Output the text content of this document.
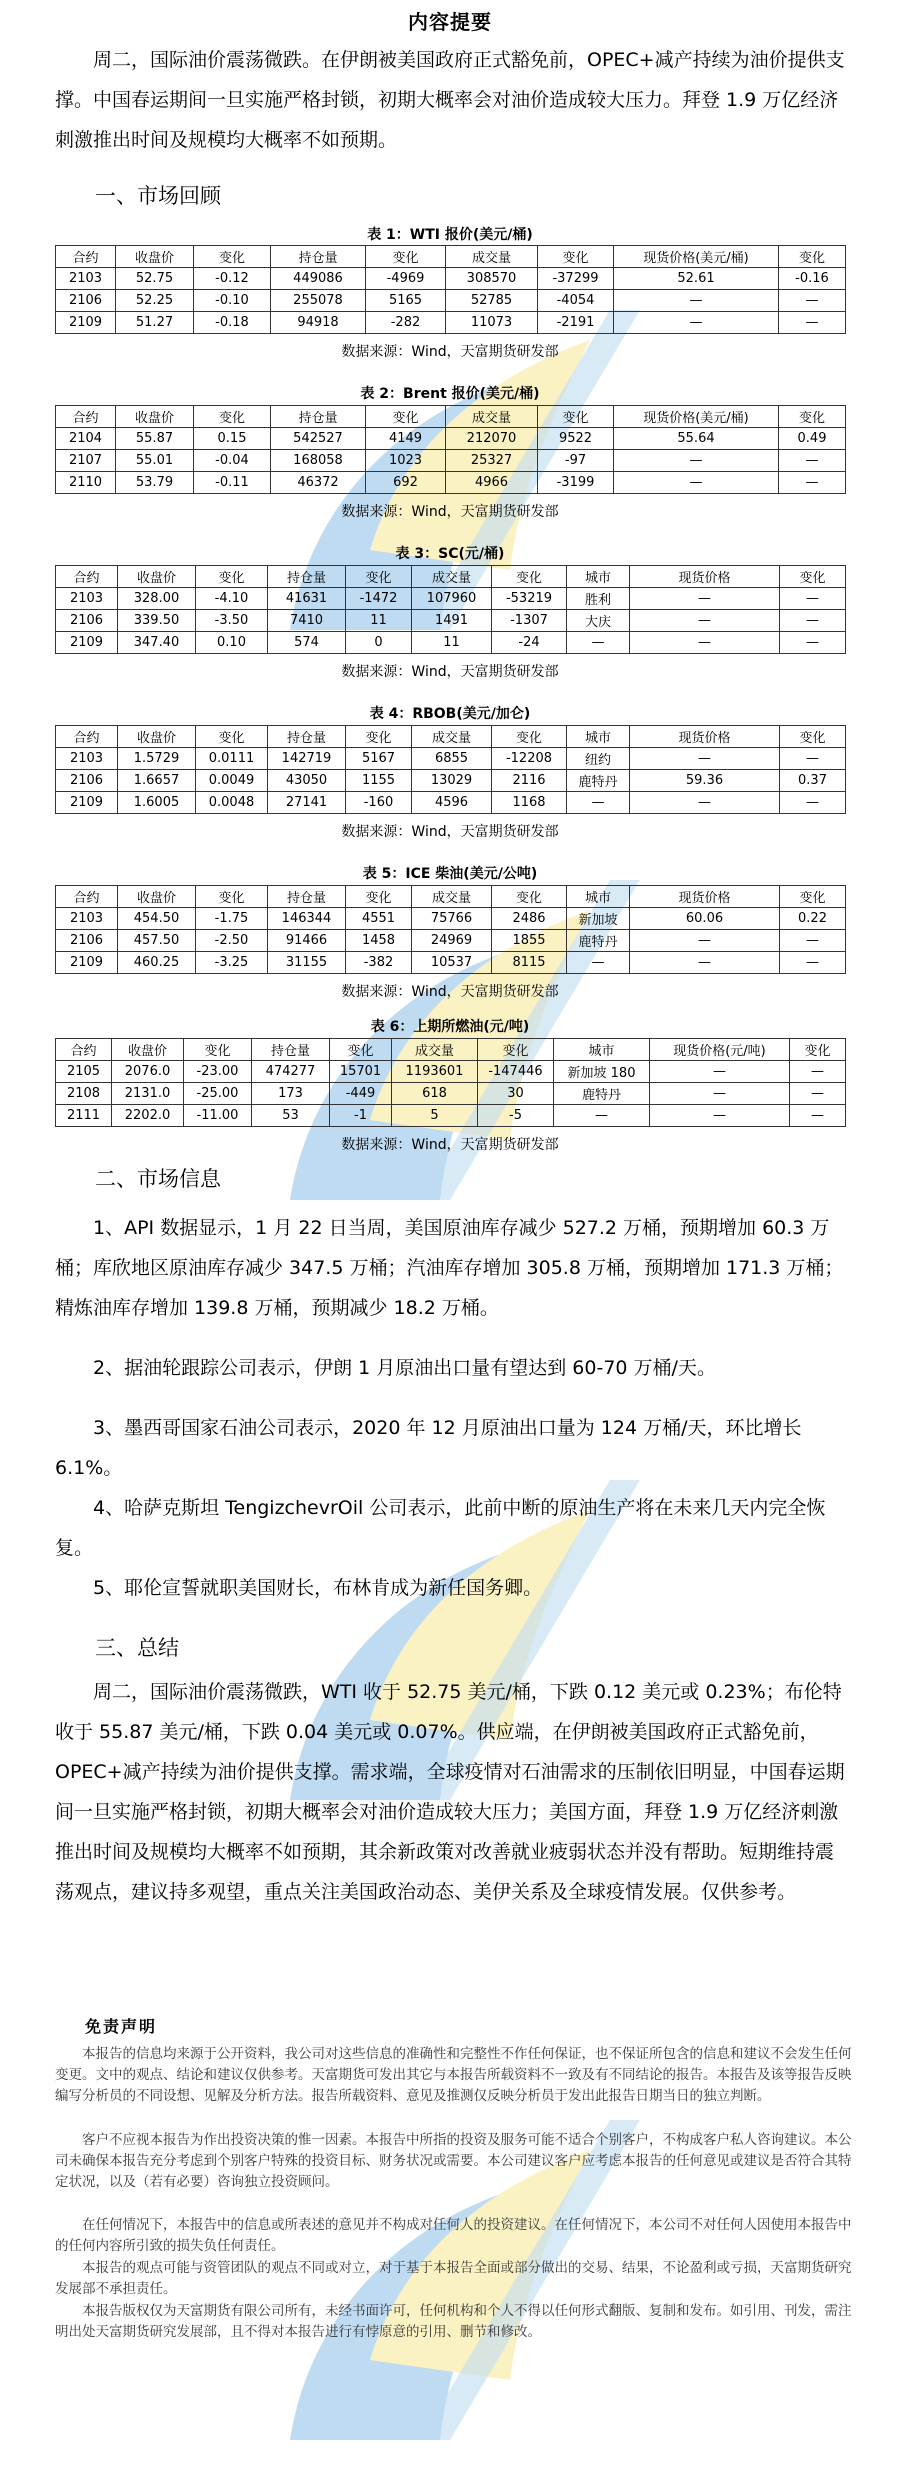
内容提要
周二，国际油价震荡微跌。在伊朗被美国政府正式豁免前，OPEC+减产持续为油价提供支撑。中国春运期间一旦实施严格封锁，初期大概率会对油价造成较大压力。拜登 1.9 万亿经济刺激推出时间及规模均大概率不如预期。
一、市场回顾
表 1：WTI 报价(美元/桶)
合约	收盘价	变化	持仓量	变化	成交量	变化	现货价格(美元/桶)	变化
2103	52.75	-0.12	449086	-4969	308570	-37299	52.61	-0.16
2106	52.25	-0.10	255078	5165	52785	-4054	—	—
2109	51.27	-0.18	94918	-282	11073	-2191	—	—
数据来源：Wind，天富期货研发部
表 2：Brent 报价(美元/桶)
合约	收盘价	变化	持仓量	变化	成交量	变化	现货价格(美元/桶)	变化
2104	55.87	0.15	542527	4149	212070	9522	55.64	0.49
2107	55.01	-0.04	168058	1023	25327	-97	—	—
2110	53.79	-0.11	46372	692	4966	-3199	—	—
数据来源：Wind，天富期货研发部
表 3：SC(元/桶)
合约	收盘价	变化	持仓量	变化	成交量	变化	城市	现货价格	变化
2103	328.00	-4.10	41631	-1472	107960	-53219	胜利	—	—
2106	339.50	-3.50	7410	11	1491	-1307	大庆	—	—
2109	347.40	0.10	574	0	11	-24	—	—	—
数据来源：Wind，天富期货研发部
表 4：RBOB(美元/加仑)
合约	收盘价	变化	持仓量	变化	成交量	变化	城市	现货价格	变化
2103	1.5729	0.0111	142719	5167	6855	-12208	纽约	—	—
2106	1.6657	0.0049	43050	1155	13029	2116	鹿特丹	59.36	0.37
2109	1.6005	0.0048	27141	-160	4596	1168	—	—	—
数据来源：Wind，天富期货研发部
表 5：ICE 柴油(美元/公吨)
合约	收盘价	变化	持仓量	变化	成交量	变化	城市	现货价格	变化
2103	454.50	-1.75	146344	4551	75766	2486	新加坡	60.06	0.22
2106	457.50	-2.50	91466	1458	24969	1855	鹿特丹	—	—
2109	460.25	-3.25	31155	-382	10537	8115	—	—	—
数据来源：Wind，天富期货研发部
表 6：上期所燃油(元/吨)
合约	收盘价	变化	持仓量	变化	成交量	变化	城市	现货价格(元/吨)	变化
2105	2076.0	-23.00	474277	15701	1193601	-147446	新加坡 180	—	—
2108	2131.0	-25.00	173	-449	618	30	鹿特丹	—	—
2111	2202.0	-11.00	53	-1	5	-5	—	—	—
数据来源：Wind，天富期货研发部
二、市场信息
1、API 数据显示，1 月 22 日当周，美国原油库存减少 527.2 万桶，预期增加 60.3 万桶；库欣地区原油库存减少 347.5 万桶；汽油库存增加 305.8 万桶，预期增加 171.3 万桶；精炼油库存增加 139.8 万桶，预期减少 18.2 万桶。
2、据油轮跟踪公司表示，伊朗 1 月原油出口量有望达到 60-70 万桶/天。
3、墨西哥国家石油公司表示，2020 年 12 月原油出口量为 124 万桶/天，环比增长 6.1%。
4、哈萨克斯坦 TengizchevrOil 公司表示，此前中断的原油生产将在未来几天内完全恢复。
5、耶伦宣誓就职美国财长，布林肯成为新任国务卿。
三、总结
周二，国际油价震荡微跌，WTI 收于 52.75 美元/桶，下跌 0.12 美元或 0.23%；布伦特收于 55.87 美元/桶，下跌 0.04 美元或 0.07%。供应端，在伊朗被美国政府正式豁免前，OPEC+减产持续为油价提供支撑。需求端，全球疫情对石油需求的压制依旧明显，中国春运期间一旦实施严格封锁，初期大概率会对油价造成较大压力；美国方面，拜登 1.9 万亿经济刺激推出时间及规模均大概率不如预期，其余新政策对改善就业疲弱状态并没有帮助。短期维持震荡观点，建议持多观望，重点关注美国政治动态、美伊关系及全球疫情发展。仅供参考。
免责声明
本报告的信息均来源于公开资料，我公司对这些信息的准确性和完整性不作任何保证，也不保证所包含的信息和建议不会发生任何变更。文中的观点、结论和建议仅供参考。天富期货可发出其它与本报告所载资料不一致及有不同结论的报告。本报告及该等报告反映编写分析员的不同设想、见解及分析方法。报告所载资料、意见及推测仅反映分析员于发出此报告日期当日的独立判断。
客户不应视本报告为作出投资决策的惟一因素。本报告中所指的投资及服务可能不适合个别客户，不构成客户私人咨询建议。本公司未确保本报告充分考虑到个别客户特殊的投资目标、财务状况或需要。本公司建议客户应考虑本报告的任何意见或建议是否符合其特定状况，以及（若有必要）咨询独立投资顾问。
在任何情况下，本报告中的信息或所表述的意见并不构成对任何人的投资建议。在任何情况下，本公司不对任何人因使用本报告中的任何内容所引致的损失负任何责任。
本报告的观点可能与资管团队的观点不同或对立，对于基于本报告全面或部分做出的交易、结果，不论盈利或亏损，天富期货研究发展部不承担责任。
本报告版权仅为天富期货有限公司所有，未经书面许可，任何机构和个人不得以任何形式翻版、复制和发布。如引用、刊发，需注明出处天富期货研究发展部，且不得对本报告进行有悖原意的引用、删节和修改。
